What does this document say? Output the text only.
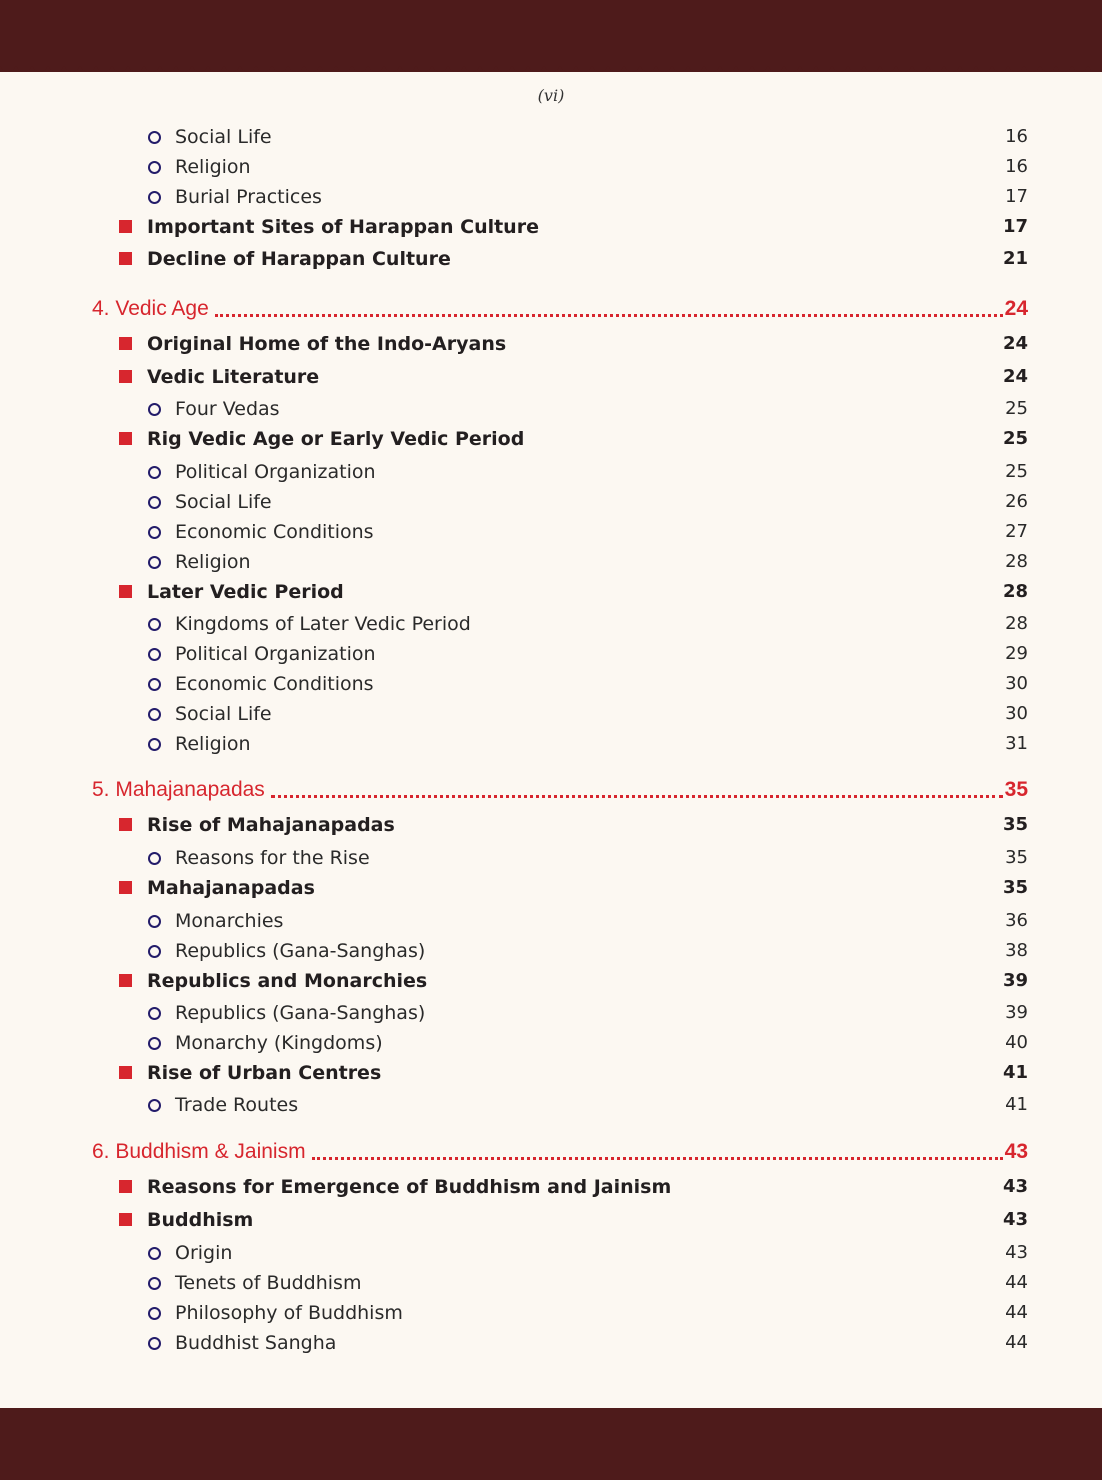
(vi)
Social Life	16
Religion	16
Burial Practices	17
Important Sites of Harappan Culture	17
Decline of Harappan Culture	21
4. Vedic Age	24
Original Home of the Indo-Aryans	24
Vedic Literature	24
Four Vedas	25
Rig Vedic Age or Early Vedic Period	25
Political Organization	25
Social Life	26
Economic Conditions	27
Religion	28
Later Vedic Period	28
Kingdoms of Later Vedic Period	28
Political Organization	29
Economic Conditions	30
Social Life	30
Religion	31
5. Mahajanapadas	35
Rise of Mahajanapadas	35
Reasons for the Rise	35
Mahajanapadas	35
Monarchies	36
Republics (Gana-Sanghas)	38
Republics and Monarchies	39
Republics (Gana-Sanghas)	39
Monarchy (Kingdoms)	40
Rise of Urban Centres	41
Trade Routes	41
6. Buddhism & Jainism	43
Reasons for Emergence of Buddhism and Jainism	43
Buddhism	43
Origin	43
Tenets of Buddhism	44
Philosophy of Buddhism	44
Buddhist Sangha	44
